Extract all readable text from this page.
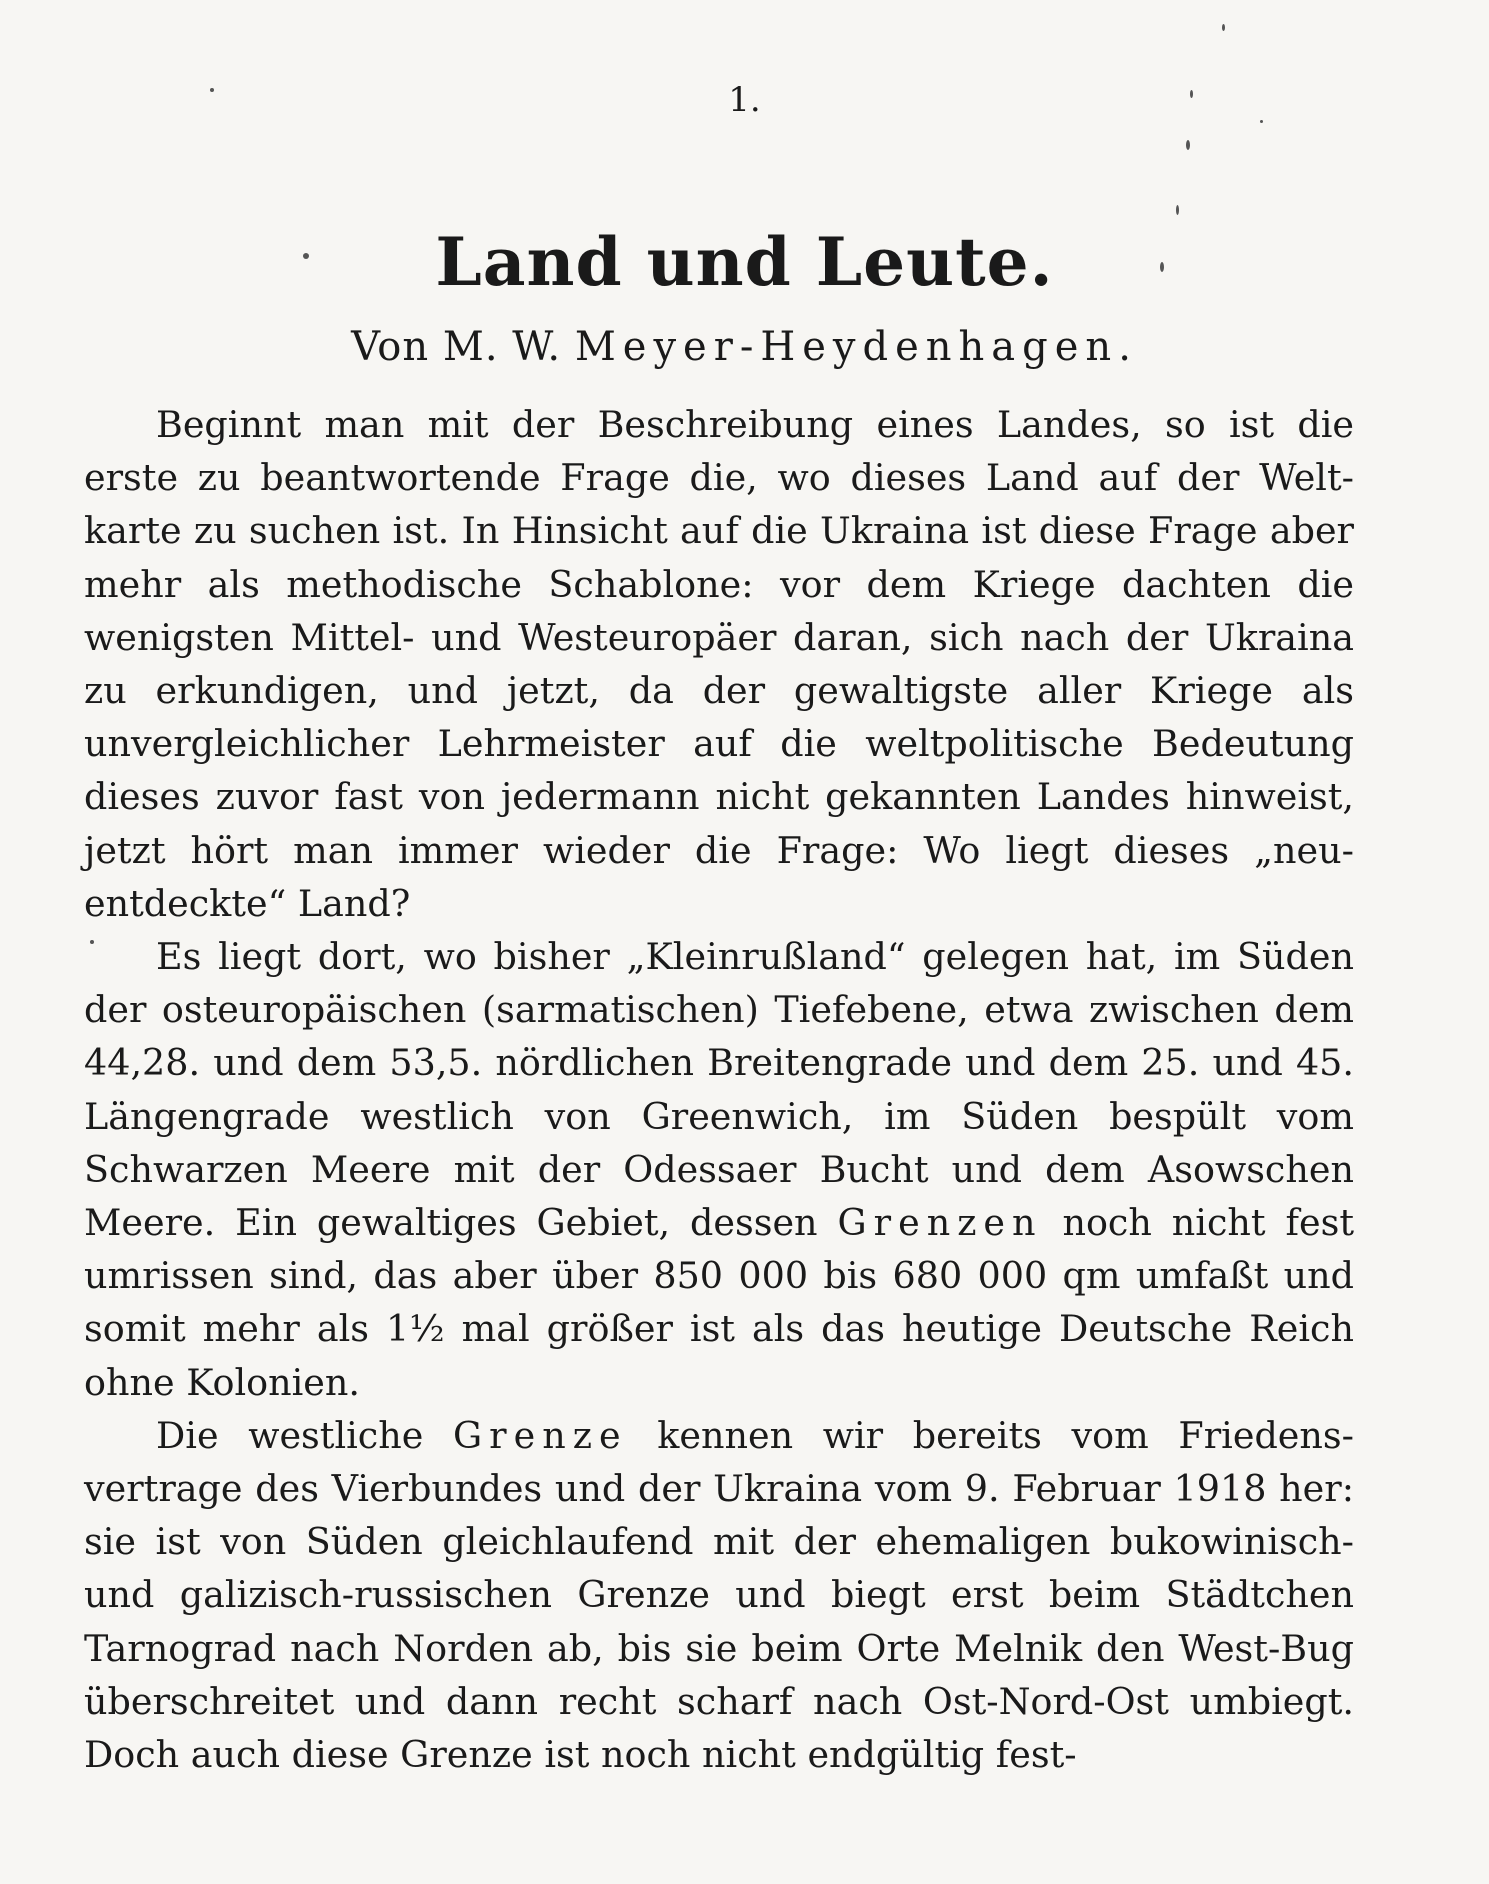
1.
Land und Leute.
Von M. W. Meyer-Heydenhagen.

Beginnt man mit der Beschreibung eines Landes, so ist die erste zu beantwortende Frage die, wo dieses Land auf der Weltkarte zu suchen ist. In Hinsicht auf die Ukraina ist diese Frage aber mehr als methodische Schablone: vor dem Kriege dachten die wenigsten Mittel- und Westeuropäer daran, sich nach der Ukraina zu erkundigen, und jetzt, da der gewaltigste aller Kriege als unvergleichlicher Lehrmeister auf die weltpolitische Bedeutung dieses zuvor fast von jedermann nicht gekannten Landes hinweist, jetzt hört man immer wieder die Frage: Wo liegt dieses „neuentdeckte“ Land?

Es liegt dort, wo bisher „Kleinrußland“ gelegen hat, im Süden der osteuropäischen (sarmatischen) Tiefebene, etwa zwischen dem 44,28. und dem 53,5. nördlichen Breitengrade und dem 25. und 45. Längengrade westlich von Greenwich, im Süden bespült vom Schwarzen Meere mit der Odessaer Bucht und dem Asowschen Meere. Ein gewaltiges Gebiet, dessen Grenzen noch nicht fest umrissen sind, das aber über 850 000 bis 680 000 qm umfaßt und somit mehr als 1½ mal größer ist als das heutige Deutsche Reich ohne Kolonien.

Die westliche Grenze kennen wir bereits vom Friedensvertrage des Vierbundes und der Ukraina vom 9. Februar 1918 her: sie ist von Süden gleichlaufend mit der ehemaligen bukowinisch- und galizisch-russischen Grenze und biegt erst beim Städtchen Tarnograd nach Norden ab, bis sie beim Orte Melnik den West-Bug überschreitet und dann recht scharf nach Ost-Nord-Ost umbiegt. Doch auch diese Grenze ist noch nicht endgültig fest-
